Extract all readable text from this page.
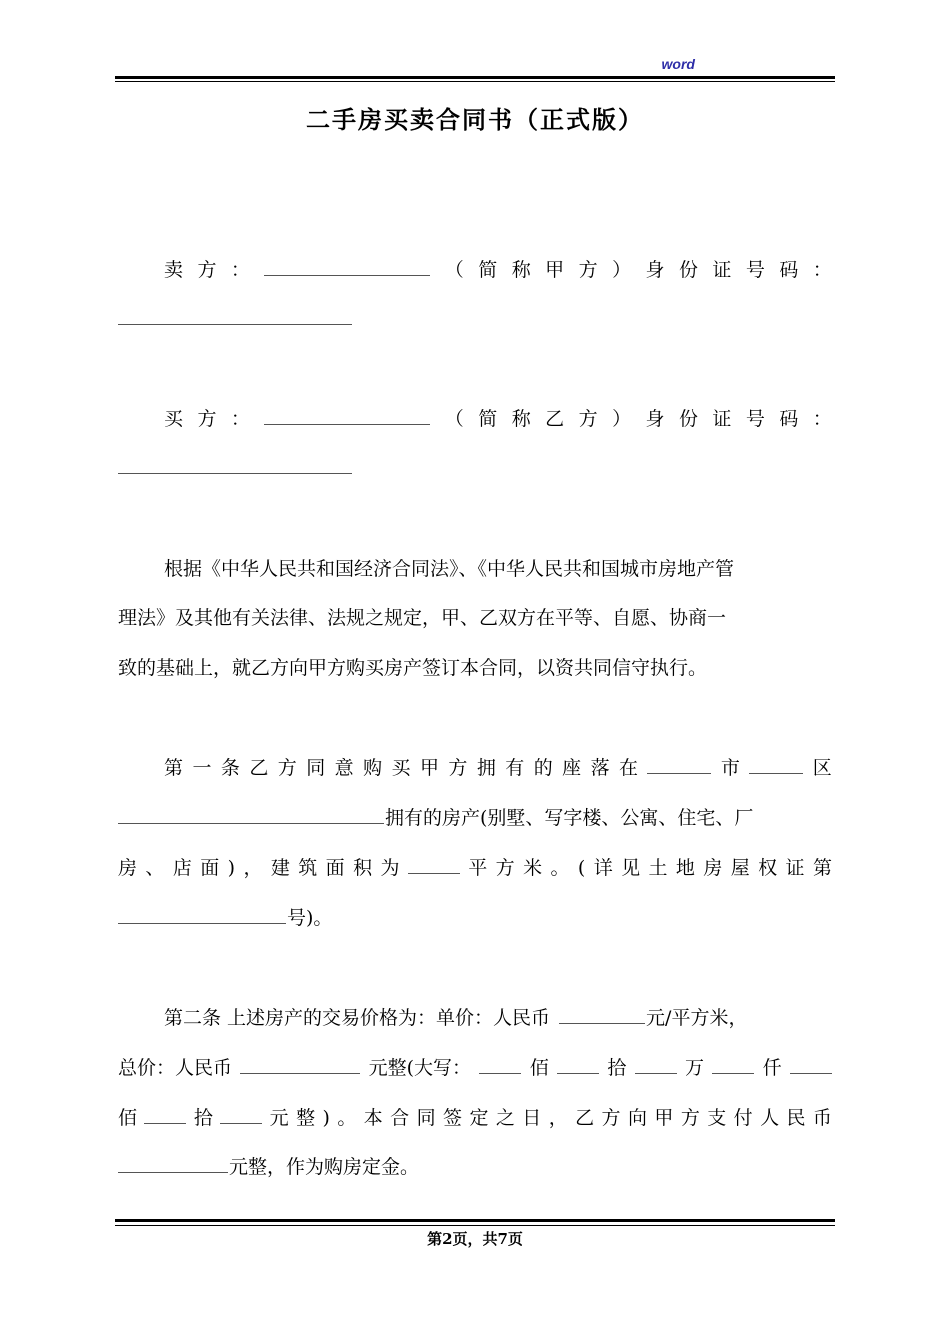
word
二手房买卖合同书（正式版）
卖 方 ：	（ 简 称 甲 方 ） 身 份 证 号 码 ：
买 方 ：	（ 简 称 乙 方 ） 身 份 证 号 码 ：
根据《中华人民共和国经济合同法》、《中华人民共和国城市房地产管
理法》及其他有关法律、法规之规定，甲、乙双方在平等、自愿、协商一
致的基础上，就乙方向甲方购买房产签订本合同，以资共同信守执行。
第 一 条 乙 方 同 意 购 买 甲 方 拥 有 的 座 落 在	市	区
拥有的房产(别墅、写字楼、公寓、住宅、厂
房 、 店 面 ) ， 建 筑 面 积 为	平 方 米 。 ( 详 见 土 地 房 屋 权 证 第
号)。
第二条 上述房产的交易价格为：单价：人民币	元/平方米，
总价：人民币	元整(大写：	佰	拾	万	仟
佰	拾	元 整 ) 。 本 合 同 签 定 之 日 ， 乙 方 向 甲 方 支 付 人 民 币
元整，作为购房定金。
第2页，共7页
